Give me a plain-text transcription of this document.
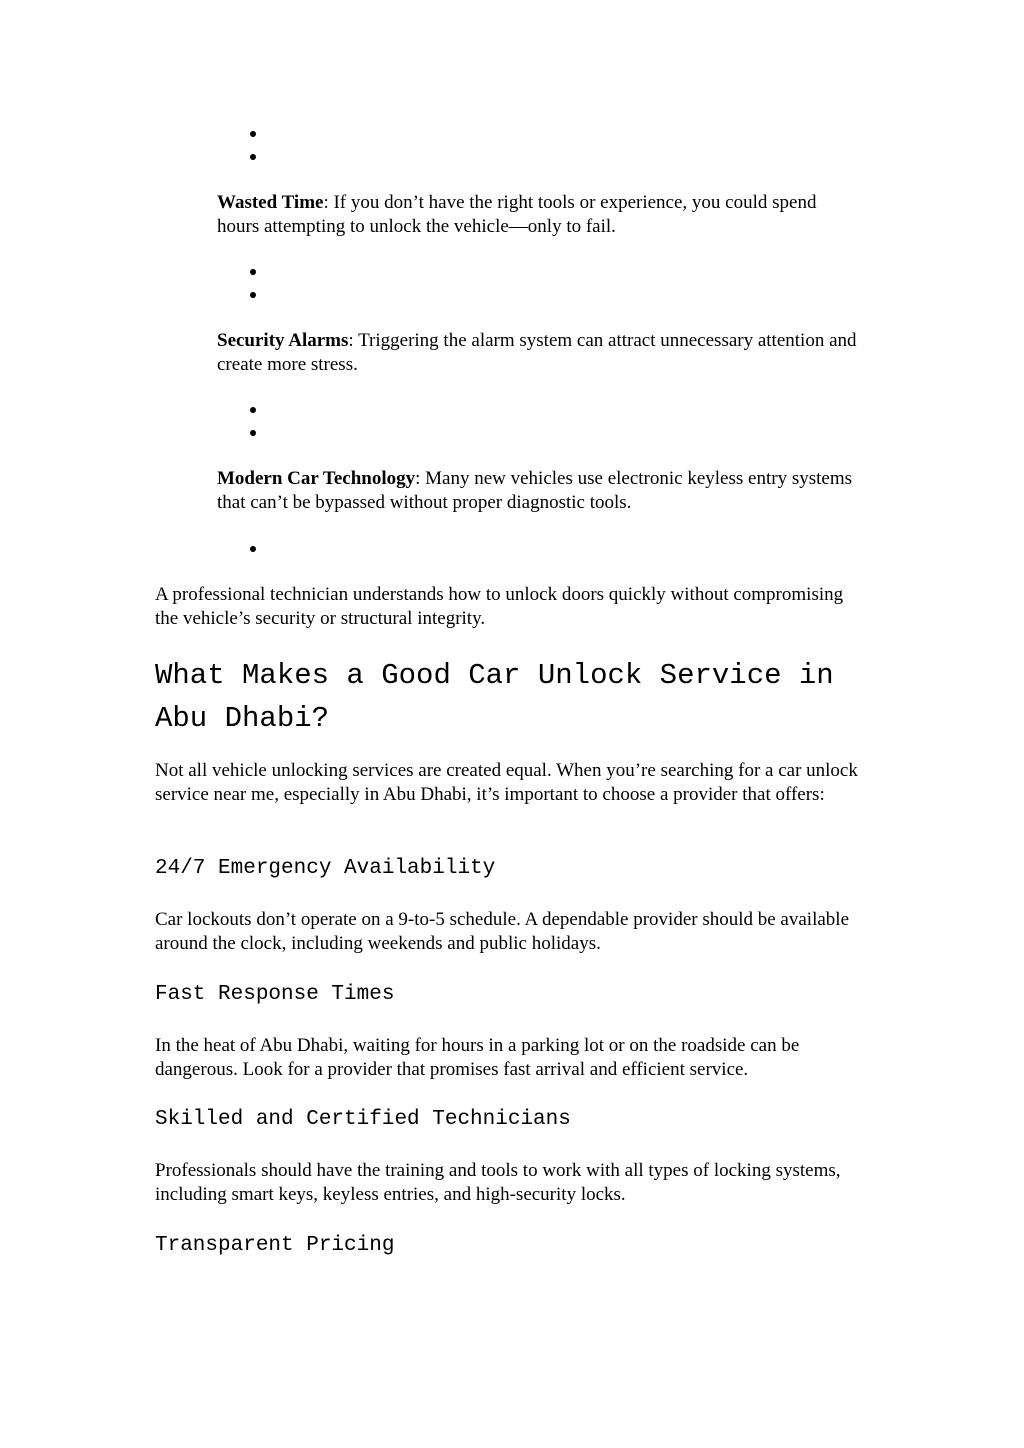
Wasted Time: If you don’t have the right tools or experience, you could spend hours attempting to unlock the vehicle—only to fail.

Security Alarms: Triggering the alarm system can attract unnecessary attention and create more stress.

Modern Car Technology: Many new vehicles use electronic keyless entry systems that can’t be bypassed without proper diagnostic tools.

A professional technician understands how to unlock doors quickly without compromising the vehicle’s security or structural integrity.

What Makes a Good Car Unlock Service in Abu Dhabi?

Not all vehicle unlocking services are created equal. When you’re searching for a car unlock service near me, especially in Abu Dhabi, it’s important to choose a provider that offers:

24/7 Emergency Availability

Car lockouts don’t operate on a 9-to-5 schedule. A dependable provider should be available around the clock, including weekends and public holidays.

Fast Response Times

In the heat of Abu Dhabi, waiting for hours in a parking lot or on the roadside can be dangerous. Look for a provider that promises fast arrival and efficient service.

Skilled and Certified Technicians

Professionals should have the training and tools to work with all types of locking systems, including smart keys, keyless entries, and high-security locks.

Transparent Pricing
